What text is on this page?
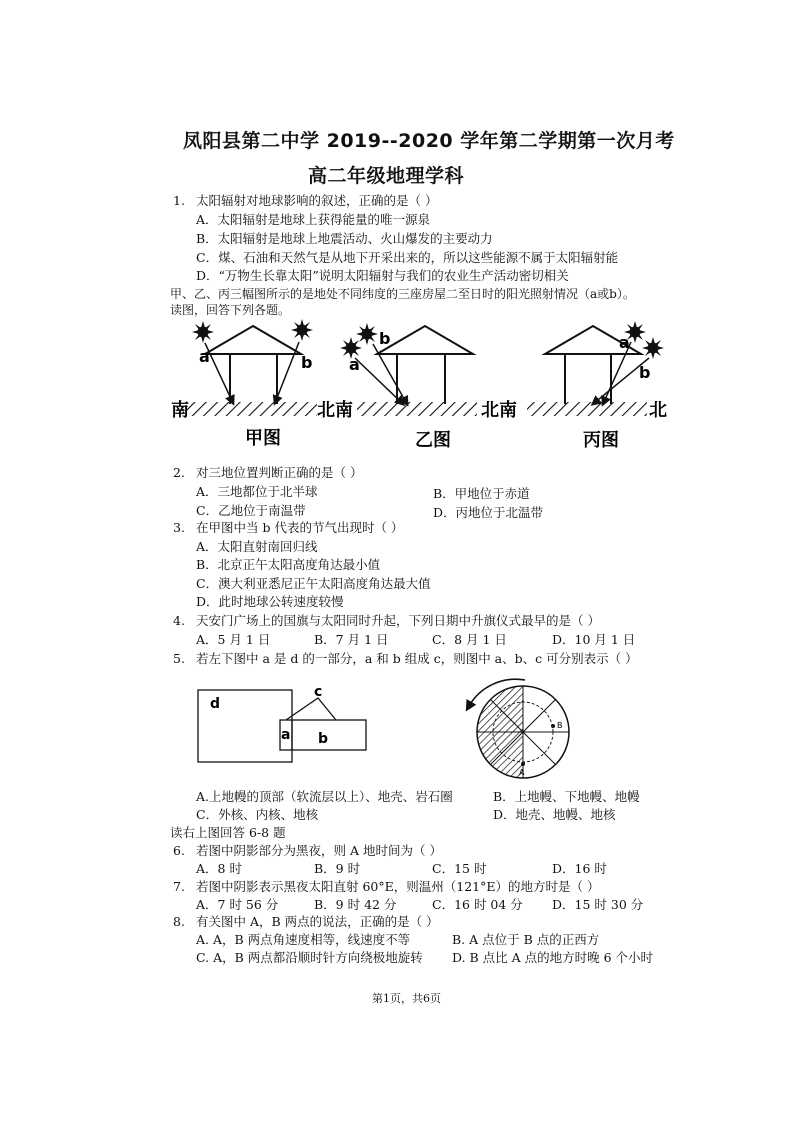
凤阳县第二中学 2019--2020 学年第二学期第一次月考
高二年级地理学科
1. 太阳辐射对地球影响的叙述，正确的是（ ）
A．太阳辐射是地球上获得能量的唯一源泉
B．太阳辐射是地球上地震活动、火山爆发的主要动力
C．煤、石油和天然气是从地下开采出来的，所以这些能源不属于太阳辐射能
D．“万物生长靠太阳”说明太阳辐射与我们的农业生产活动密切相关
甲、乙、丙三幅图所示的是地处不同纬度的三座房屋二至日时的阳光照射情况（a或b）。
读图，回答下列各题。
a	b a
b	a
b
南	北南	北南	北
甲图	乙图	丙图
2. 对三地位置判断正确的是（ ）
A．三地都位于北半球	B．甲地位于赤道
C．乙地位于南温带	D．丙地位于北温带
3. 在甲图中当 b 代表的节气出现时（ ）
A．太阳直射南回归线
B．北京正午太阳高度角达最小值
C．澳大利亚悉尼正午太阳高度角达最大值
D．此时地球公转速度较慢
4. 天安门广场上的国旗与太阳同时升起，下列日期中升旗仪式最早的是（ ）
A．5 月 1 日	B．7 月 1 日	C．8 月 1 日	D．10 月 1 日
5. 若左下图中 a 是 d 的一部分，a 和 b 组成 c，则图中 a、b、c 可分别表示（ ）
d
c
a b
B
A
A.上地幔的顶部（软流层以上）、地壳、岩石圈	B．上地幔、下地幔、地幔
C．外核、内核、地核	D．地壳、地幔、地核
读右上图回答 6-8 题
6. 若图中阴影部分为黑夜，则 A 地时间为（ ）
A．8 时	B．9 时	C．15 时	D．16 时
7. 若图中阴影表示黑夜太阳直射 60°E，则温州（121°E）的地方时是（ ）
A．7 时 56 分	B．9 时 42 分	C．16 时 04 分 D．15 时 30 分
8. 有关图中 A，B 两点的说法，正确的是（ ）
A. A，B 两点角速度相等，线速度不等	B. A 点位于 B 点的正西方
C. A，B 两点都沿顺时针方向绕极地旋转 D. B 点比 A 点的地方时晚 6 个小时
第1页，共6页
